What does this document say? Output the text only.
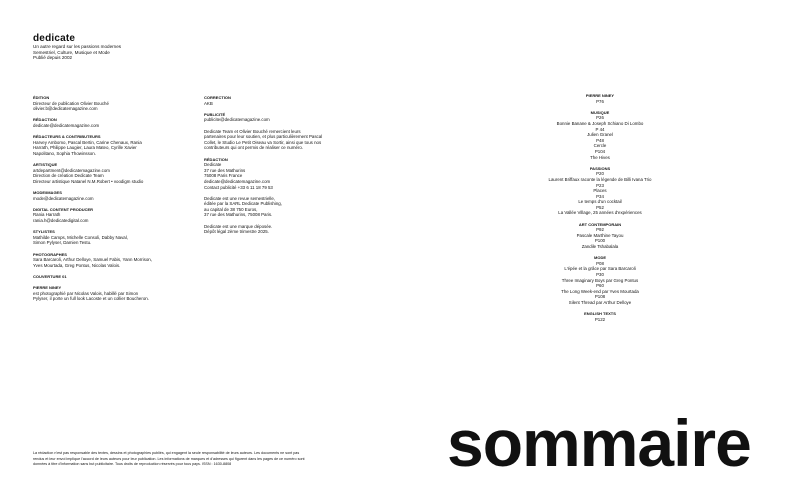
dedicate
Un autre regard sur les passions modernes
Semestriel, Culture, Musique et Mode
Publié depuis 2002
ÉDITION
Directeur de publication Olivier Bouché
olivier.b@dedicatemagazine.com
RÉDACTION
dedicate@dedicatemagazine.com
RÉDACTEURS & CONTRIBUTEURS
Harvey Ambomo, Pascal Bertin, Carine Chenaux, Rania
Harrath, Philippe Laugier, Laura Mateo, Cyrille Xavier
Napolitano, Sophia Thowinsson.
ARTISTIQUE
artdepartment@dedicatemagazine.com
Direction de création Dedicate Team
Directeur artistique Natanel N.M.Robert • voodigm studio
MODE/IMAGES
mode@dedicatemagazine.com
DIGITAL CONTENT PRODUCER
Rania Harrath
rania.h@dedicatedigital.com
STYLISTES
Mathilde Camps, Michelle Consoli, Dabby Naval,
Simon Pylyser, Damien Testu.
PHOTOGRAPHES
Sara Barcaroli, Arthur Delloye, Samuel Fabis, Yann Morrison,
Yves Mourtada, Greg Pontus, Nicolas Valois.
COUVERTURE 01
PIERRE NINEY
est photographié par Nicolas Valois, habillé par Simon
Pylyser, il porte un full look Lacoste et un collier Boucheron.
CORRECTION
AKB
PUBLICITÉ
publicite@dedicatemagazine.com
Dedicate Team et Olivier Bouché remercient leurs
partenaires pour leur soutien, et plus particulièrement Pascal
Collet, le Studio Le Petit Oiseau va Sortir, ainsi que tous nos
contributeurs qui ont permis de réaliser ce numéro.
RÉDACTION
Dedicate
37 rue des Mathurins
75008 Paris France
dedicate@dedicatemagazine.com
Contact publicité +33 6 11 18 79 53
Dedicate est une revue semestrielle,
éditée par la SARL Dedicate Publishing,
au capital de 38 750 Euros,
37 rue des Mathurins, 75008 Paris.
Dedicate est une marque déposée.
Dépôt légal 2ème trimestre 2025.
PIERRE NINEY
P76
MUSIQUE
P26
Bonnie Banane & Joseph Schiano Di Lombo
P 44
Julien Granel
P48
Cercle
P104
The Hives
PASSIONS
P20
Laurent Briffaux raconte la légende de Billi Ivana Trio
P23
Places
P34
Le temps d'un cocktail
P52
La Vallée Village, 25 années d'expériences
ART CONTEMPORAIN
P92
Pascale Marthine Tayou
P100
Zandile Tshabalala
MODE
P08
L'épée et la grâce par Sara Barcaroli
P30
Three Imaginary Boys par Greg Pontus
P60
The Long Week-end par Yves Mourtada
P108
Silent Thread par Arthur Delloye
ENGLISH TEXTS
P122
La rédaction n'est pas responsable des textes, dessins et photographies publiés, qui engagent la seule responsabilité de leurs auteurs. Les documents ne sont pas
rendus et leur envoi implique l'accord de leurs auteurs pour leur publication. Les informations de marques et d'adresses qui figurent dans les pages de ce numéro sont
données à titre d'information sans but publicitaire. Tous droits de reproduction réservés pour tous pays. ISSN : 1630-8808	sommaire
